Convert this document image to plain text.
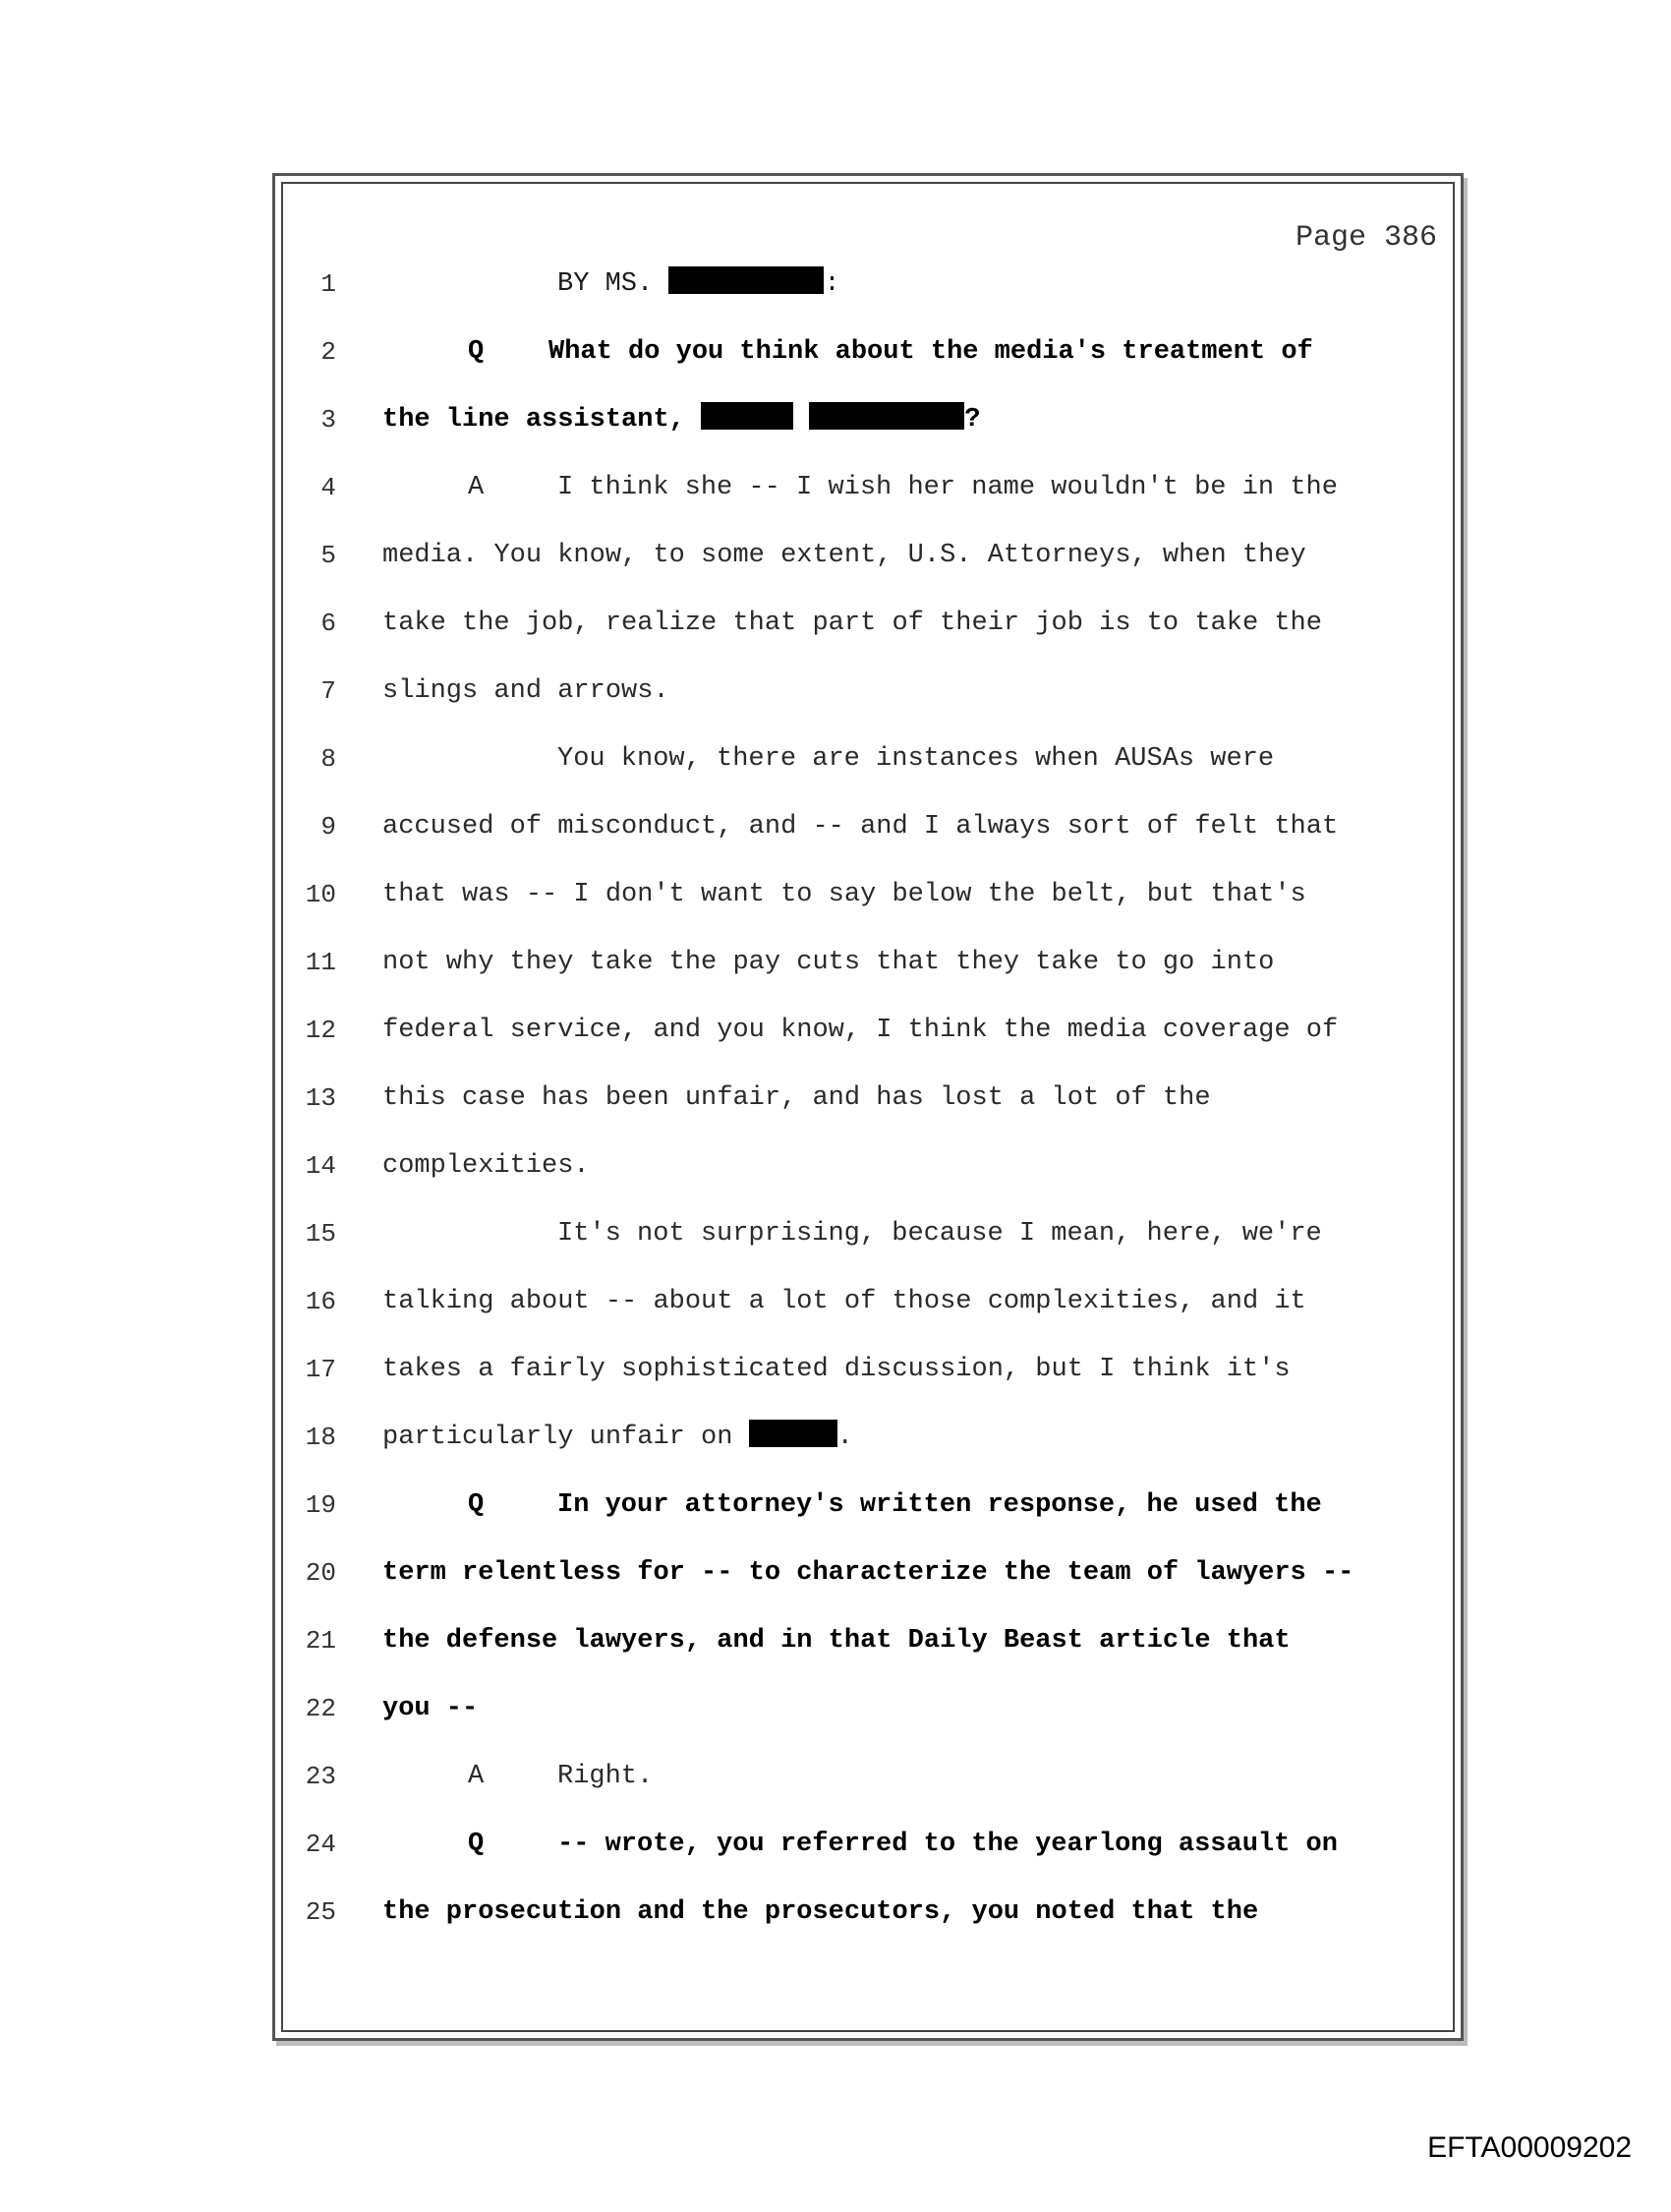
Page 386
1	BY MS.	:
2	Q What do you think about the media's treatment of
3 the line assistant,	?
4	A	I think she -- I wish her name wouldn't be in the
5 media. You know, to some extent, U.S. Attorneys, when they
6 take the job, realize that part of their job is to take the
7 slings and arrows.
8	You know, there are instances when AUSAs were
9 accused of misconduct, and -- and I always sort of felt that
10 that was -- I don't want to say below the belt, but that's
11 not why they take the pay cuts that they take to go into
12 federal service, and you know, I think the media coverage of
13 this case has been unfair, and has lost a lot of the
14 complexities.
15	It's not surprising, because I mean, here, we're
16 talking about -- about a lot of those complexities, and it
17 takes a fairly sophisticated discussion, but I think it's
18 particularly unfair on	.
19	Q	In your attorney's written response, he used the
20 term relentless for -- to characterize the team of lawyers --
21 the defense lawyers, and in that Daily Beast article that
22 you --
23	A	Right.
24	Q	-- wrote, you referred to the yearlong assault on
25 the prosecution and the prosecutors, you noted that the
EFTA00009202
